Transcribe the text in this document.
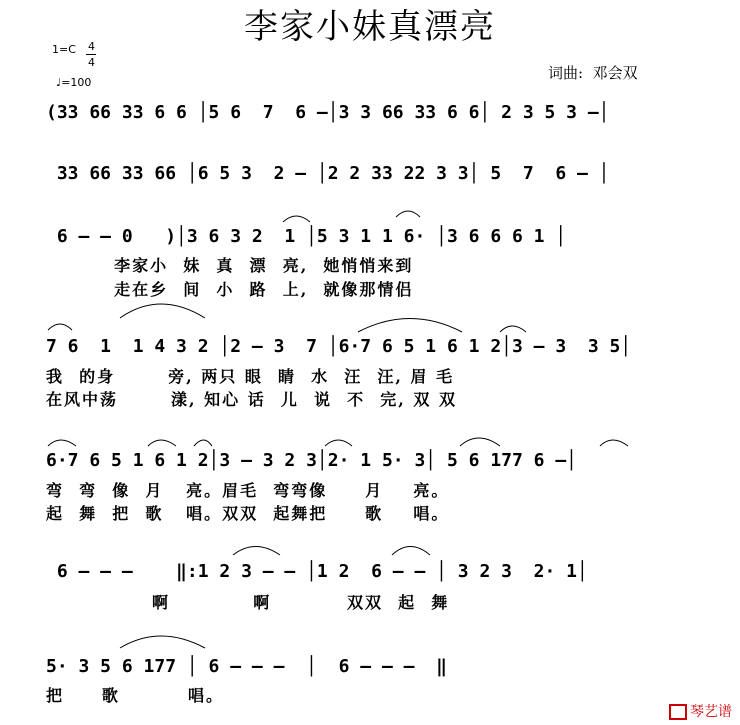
李家小妹真漂亮
1=C 4
4
♩=100
词曲:  邓会双
(33 66 33 6 6 │5 6  7  6 –│3 3 66 33 6 6│ 2 3 5 3 –│
33 66 33 66 │6 5 3  2 – │2 2 33 22 3 3│ 5  7  6 – │
6 – – 0   )│3 6 3 2  1 │5 3 1 1 6· │3 6 6 6 1 │
李家小  妹  真  漂  亮,  她悄悄来到
走在乡  间  小  路  上,  就像那情侣
7 6  1  1 4 3 2 │2 – 3  7 │6·7 6 5 1 6 1 2│3 – 3  3 5│
我  的身       旁, 两只 眼  睛  水  汪  汪, 眉 毛
在风中荡       漾, 知心 话  儿  说  不  完, 双 双
6·7 6 5 1 6 1 2│3 – 3 2 3│2· 1 5· 3│ 5 6 177 6 –│
弯  弯  像  月   亮。眉毛  弯弯像     月    亮。
起  舞  把  歌   唱。双双  起舞把     歌    唱。
6 – – –    ‖:1 2 3 – – │1 2  6 – – │ 3 2 3  2· 1│
啊           啊          双双  起  舞
5· 3 5 6 177 │ 6 – – –  │  6 – – –  ‖
把     歌         唱。
琴艺谱
